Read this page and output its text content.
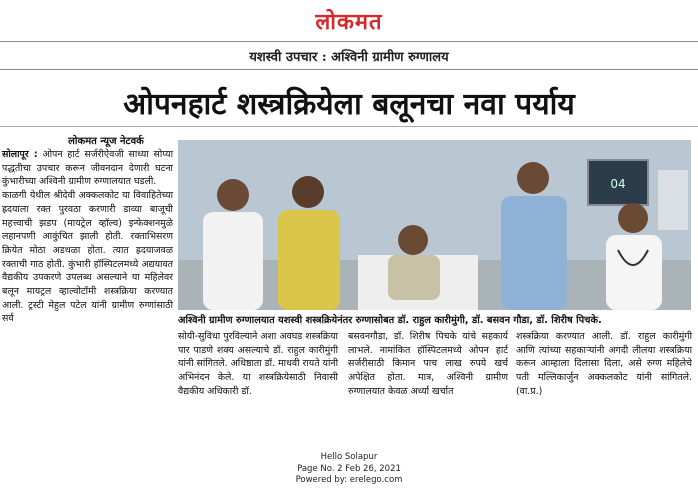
लोकमत
यशस्वी उपचार : अश्विनी ग्रामीण रुग्णालय
ओपनहार्ट शस्त्रक्रियेला बलूनचा नवा पर्याय
लोकमत न्यूज नेटवर्क

सोलापूर : ओपन हार्ट सर्जरीऐवजी साध्या सोप्या पद्धतीचा उपचार करून जीवनदान देणारी घटना कुंभारीच्या अश्विनी ग्रामीण रुग्णालयात घडली.

काळगी येथील श्रीदेवी अक्कलकोट या विवाहितेच्या ह्रदयाला रक्त पुरवठा करणारी डाव्या बाजूची महत्त्वाची झडप (मायट्रेल व्हॉल्व) इन्फेक्शनमुळे लहानपणी आकुंचित झाली होती. रक्ताभिसरण क्रियेत मोठा अडथळा होता. त्यात ह्रदयाजवळ रक्ताची गाठ होती. कुंभारी हॉस्पिटलमध्ये अद्ययावत वैद्यकीय उपकरणे उपलब्ध असल्याने या महिलेवर बलून मायट्रल व्हाल्वोटॉमी शस्त्रक्रिया करण्यात आली. ट्रस्टी मेहुल पटेल यांनी ग्रामीण रुग्णांसाठी सर्व

04
अश्विनी ग्रामीण रुग्णालयात यशस्वी शस्त्रक्रियेनंतर रुग्णासोबत डॉ. राहुल कारीमुंगी, डॉ. बसवन गौडा, डॉ. शिरीष पिचके.
सोयी-सुविधा पुरविल्याने अशा अवघड शस्त्रक्रिया पार पाडणे शक्य असल्याचे डॉ. राहुल कारीमुंगी यांनी सांगितले. अधिष्ठाता डॉ. माधवी रायते यांनी अभिनंदन केले. या शस्त्रक्रियेसाठी निवासी वैद्यकीय अधिकारी डॉ.
बसवनगौडा, डॉ. शिरीष पिचके यांचे सहकार्य लाभले. नामांकित हॉस्पिटलमध्ये ओपन हार्ट सर्जरीसाठी किमान पाच लाख रुपये खर्च अपेक्षित होता. मात्र, अश्विनी ग्रामीण रुग्णालयात केवळ अर्ध्या खर्चात
शस्त्रक्रिया करण्यात आली. डॉ. राहुल कारीमुंगी आणि त्यांच्या सहकाऱ्यांनी अगदी लीलया शस्त्रक्रिया करून आम्हाला दिलासा दिला, असे रुग्ण महिलेचे पती मल्लिकार्जुन अक्कलकोट यांनी सांगितले. (वा.प्र.)
Hello Solapur
Page No. 2 Feb 26, 2021
Powered by: erelego.com
